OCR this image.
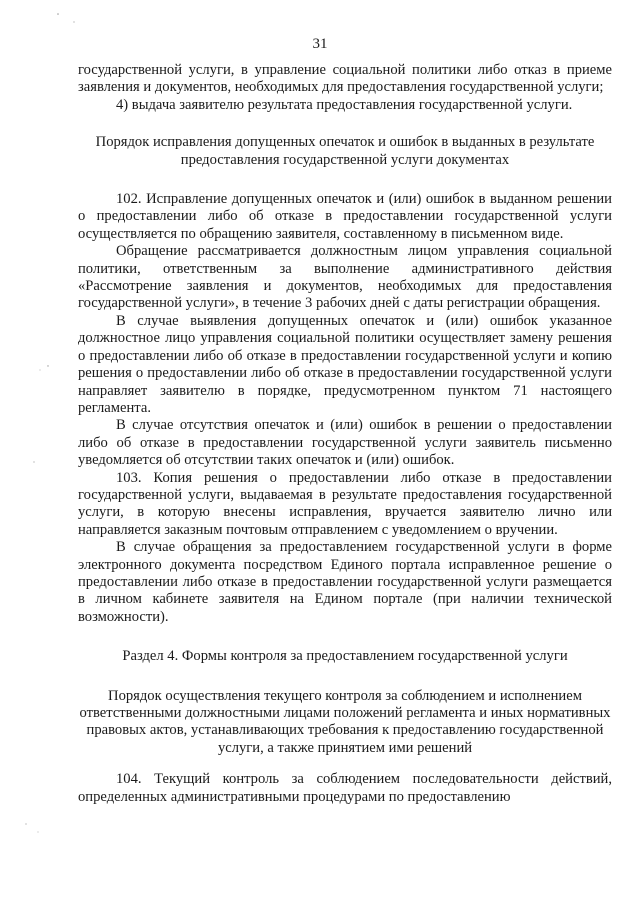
31

государственной услуги, в управление социальной политики либо отказ в приеме заявления и документов, необходимых для предоставления государственной услуги;

4) выдача заявителю результата предоставления государственной услуги.

Порядок исправления допущенных опечаток и ошибок в выданных в результате предоставления государственной услуги документах

102. Исправление допущенных опечаток и (или) ошибок в выданном решении о предоставлении либо об отказе в предоставлении государственной услуги осуществляется по обращению заявителя, составленному в письменном виде.

Обращение рассматривается должностным лицом управления социальной политики, ответственным за выполнение административного действия «Рассмотрение заявления и документов, необходимых для предоставления государственной услуги», в течение 3 рабочих дней с даты регистрации обращения.

В случае выявления допущенных опечаток и (или) ошибок указанное должностное лицо управления социальной политики осуществляет замену решения о предоставлении либо об отказе в предоставлении государственной услуги и копию решения о предоставлении либо об отказе в предоставлении государственной услуги направляет заявителю в порядке, предусмотренном пунктом 71 настоящего регламента.

В случае отсутствия опечаток и (или) ошибок в решении о предоставлении либо об отказе в предоставлении государственной услуги заявитель письменно уведомляется об отсутствии таких опечаток и (или) ошибок.

103. Копия решения о предоставлении либо отказе в предоставлении государственной услуги, выдаваемая в результате предоставления государственной услуги, в которую внесены исправления, вручается заявителю лично или направляется заказным почтовым отправлением с уведомлением о вручении.

В случае обращения за предоставлением государственной услуги в форме электронного документа посредством Единого портала исправленное решение о предоставлении либо отказе в предоставлении государственной услуги размещается в личном кабинете заявителя на Едином портале (при наличии технической возможности).

Раздел 4. Формы контроля за предоставлением государственной услуги

Порядок осуществления текущего контроля за соблюдением и исполнением ответственными должностными лицами положений регламента и иных нормативных правовых актов, устанавливающих требования к предоставлению государственной услуги, а также принятием ими решений

104. Текущий контроль за соблюдением последовательности действий, определенных административными процедурами по предоставлению
